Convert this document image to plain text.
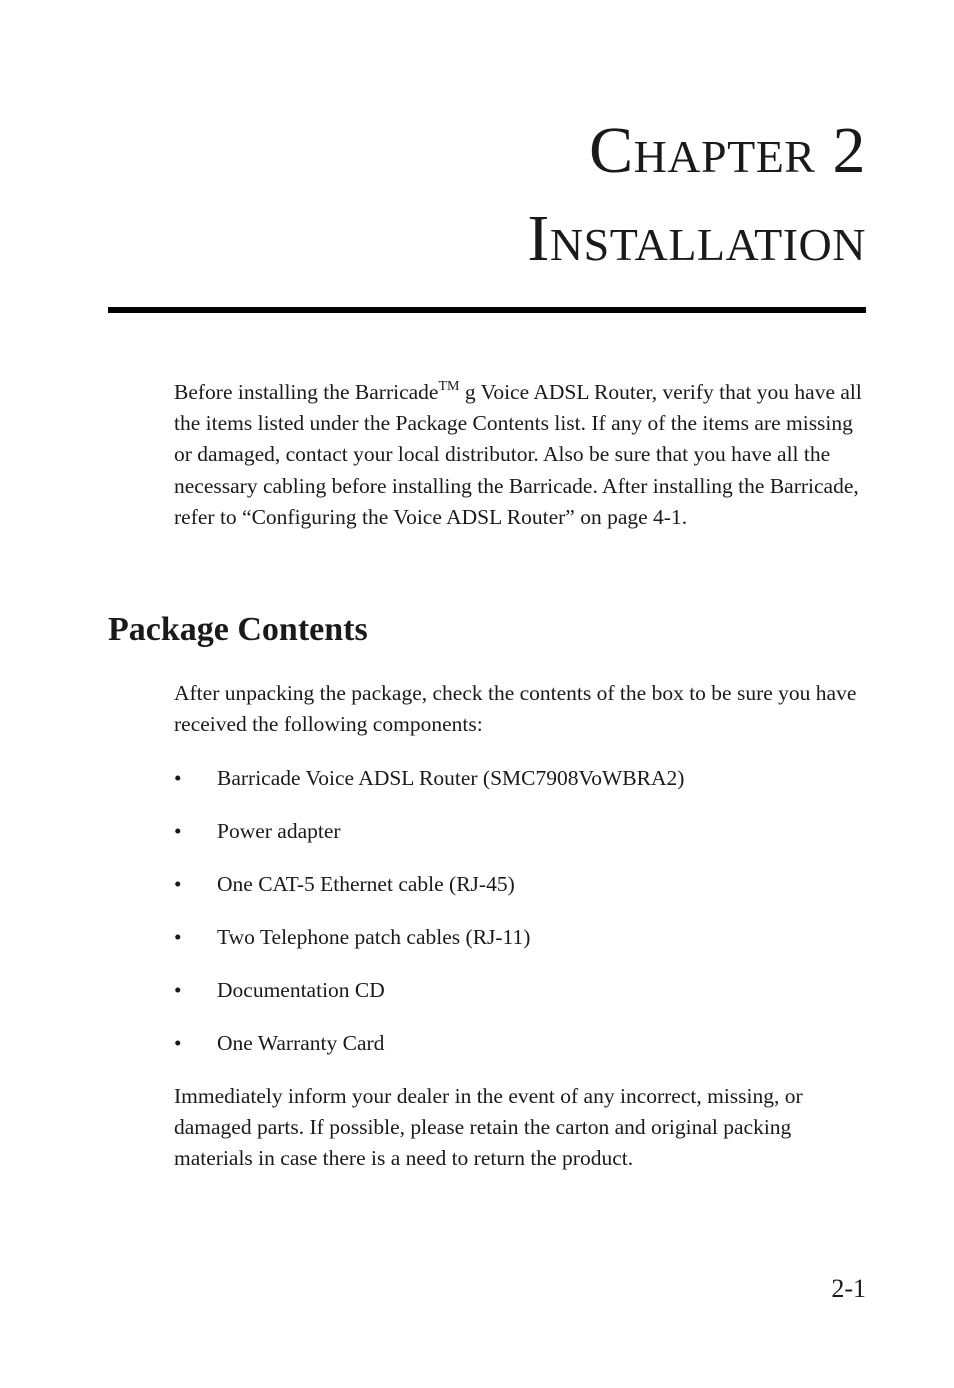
Chapter 2
Installation

Before installing the Barricade™ g Voice ADSL Router, verify that you have all the items listed under the Package Contents list. If any of the items are missing or damaged, contact your local distributor. Also be sure that you have all the necessary cabling before installing the Barricade. After installing the Barricade, refer to “Configuring the Voice ADSL Router” on page 4-1.

Package Contents

After unpacking the package, check the contents of the box to be sure you have received the following components:

• Barricade Voice ADSL Router (SMC7908VoWBRA2)
• Power adapter
• One CAT-5 Ethernet cable (RJ-45)
• Two Telephone patch cables (RJ-11)
• Documentation CD
• One Warranty Card

Immediately inform your dealer in the event of any incorrect, missing, or damaged parts. If possible, please retain the carton and original packing materials in case there is a need to return the product.

2-1
